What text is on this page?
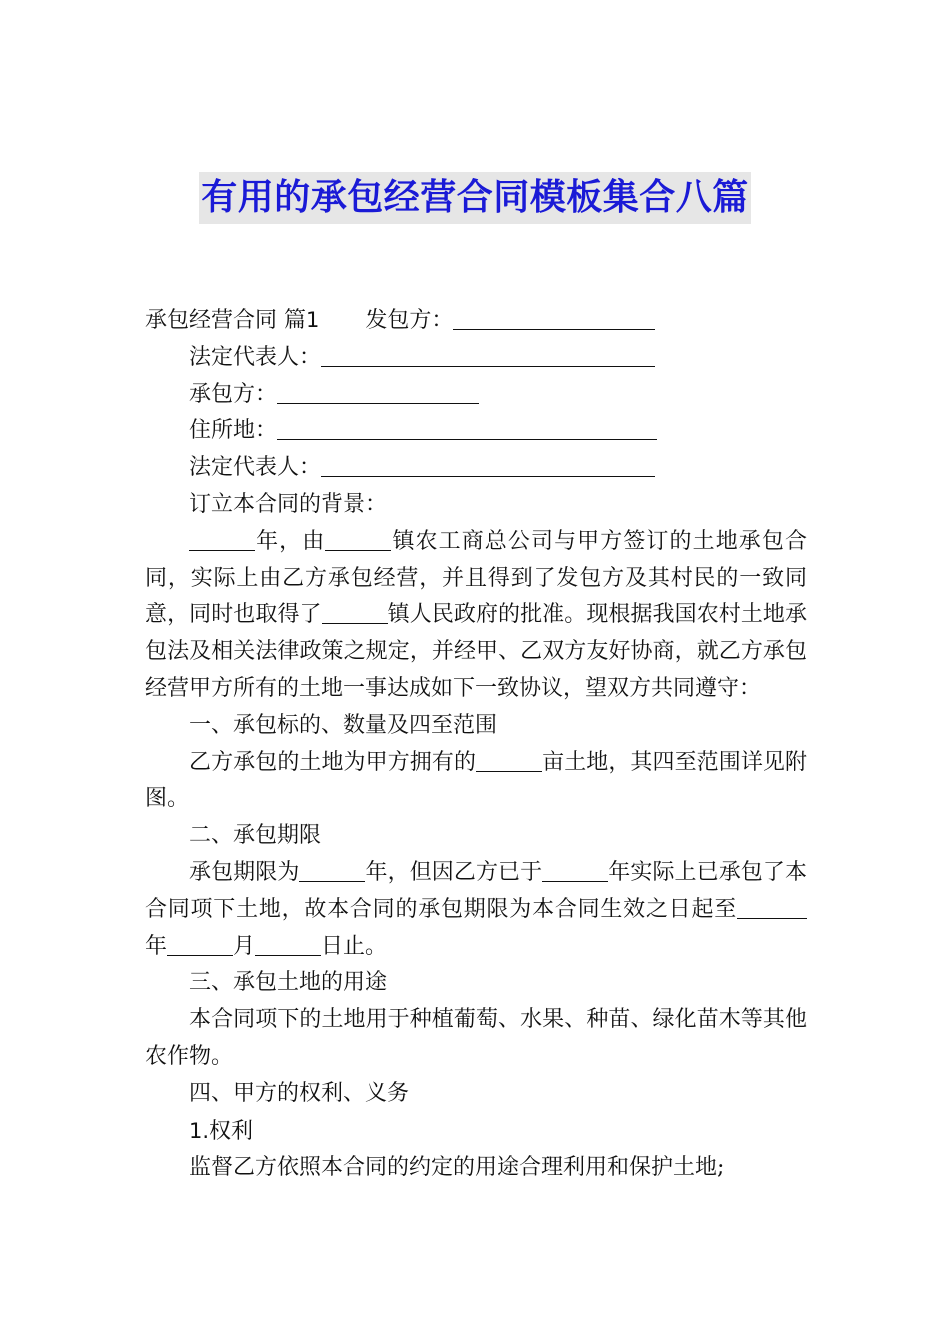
有用的承包经营合同模板集合八篇

承包经营合同 篇1 发包方：

法定代表人：

承包方：

住所地：

法定代表人：

订立本合同的背景：

年，由	镇农工商总公司与甲方签订的土地承包合同，实际上由乙方承包经营，并且得到了发包方及其村民的一致同意，同时也取得了	镇人民政府的批准。现根据我国农村土地承包法及相关法律政策之规定，并经甲、乙双方友好协商，就乙方承包经营甲方所有的土地一事达成如下一致协议，望双方共同遵守：

一、承包标的、数量及四至范围

乙方承包的土地为甲方拥有的	亩土地，其四至范围详见附图。

二、承包期限

承包期限为	年，但因乙方已于	年实际上已承包了本合同项下土地，故本合同的承包期限为本合同生效之日起至年	月	日止。

三、承包土地的用途

本合同项下的土地用于种植葡萄、水果、种苗、绿化苗木等其他农作物。

四、甲方的权利、义务

1.权利

监督乙方依照本合同的约定的用途合理利用和保护土地;
